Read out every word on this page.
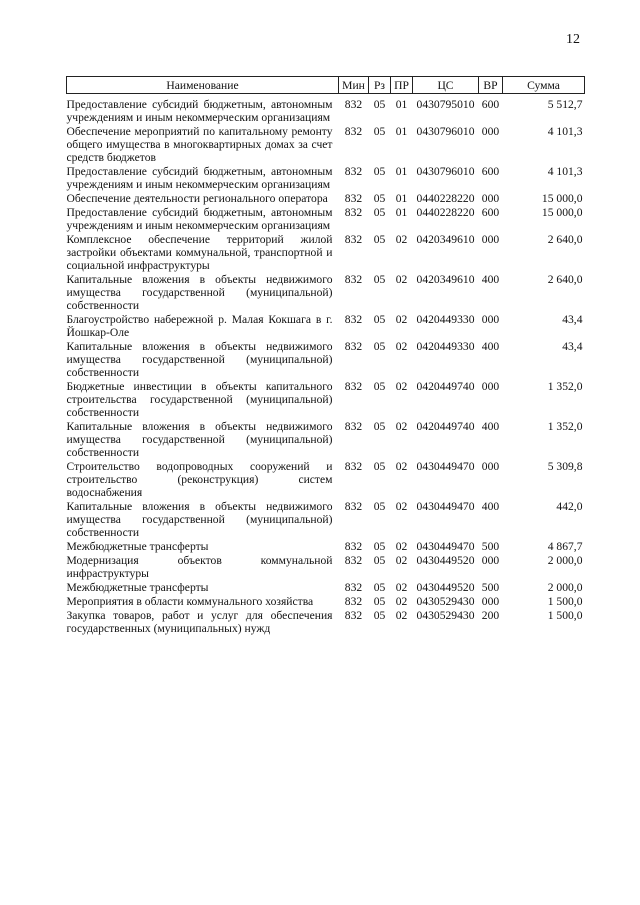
12
Наименование	Мин	Рз	ПР	ЦС	ВР	Сумма
Предоставление субсидий бюджетным, автономным учреждениям и иным некоммерческим организациям	832	05	01	0430795010	600	5 512,7
Обеспечение мероприятий по капитальному ремонту общего имущества в многоквартирных домах за счет средств бюджетов	832	05	01	0430796010	000	4 101,3
Предоставление субсидий бюджетным, автономным учреждениям и иным некоммерческим организациям	832	05	01	0430796010	600	4 101,3
Обеспечение деятельности регионального оператора	832	05	01	0440228220	000	15 000,0
Предоставление субсидий бюджетным, автономным учреждениям и иным некоммерческим организациям	832	05	01	0440228220	600	15 000,0
Комплексное обеспечение территорий жилой застройки объектами коммунальной, транспортной и социальной инфраструктуры	832	05	02	0420349610	000	2 640,0
Капитальные вложения в объекты недвижимого имущества государственной (муниципальной) собственности	832	05	02	0420349610	400	2 640,0
Благоустройство набережной р. Малая Кокшага в г. Йошкар-Оле	832	05	02	0420449330	000	43,4
Капитальные вложения в объекты недвижимого имущества государственной (муниципальной) собственности	832	05	02	0420449330	400	43,4
Бюджетные инвестиции в объекты капитального строительства государственной (муниципальной) собственности	832	05	02	0420449740	000	1 352,0
Капитальные вложения в объекты недвижимого имущества государственной (муниципальной) собственности	832	05	02	0420449740	400	1 352,0
Строительство водопроводных сооружений и строительство (реконструкция) систем водоснабжения	832	05	02	0430449470	000	5 309,8
Капитальные вложения в объекты недвижимого имущества государственной (муниципальной) собственности	832	05	02	0430449470	400	442,0
Межбюджетные трансферты	832	05	02	0430449470	500	4 867,7
Модернизация объектов коммунальной инфраструктуры	832	05	02	0430449520	000	2 000,0
Межбюджетные трансферты	832	05	02	0430449520	500	2 000,0
Мероприятия в области коммунального хозяйства	832	05	02	0430529430	000	1 500,0
Закупка товаров, работ и услуг для обеспечения государственных (муниципальных) нужд	832	05	02	0430529430	200	1 500,0
